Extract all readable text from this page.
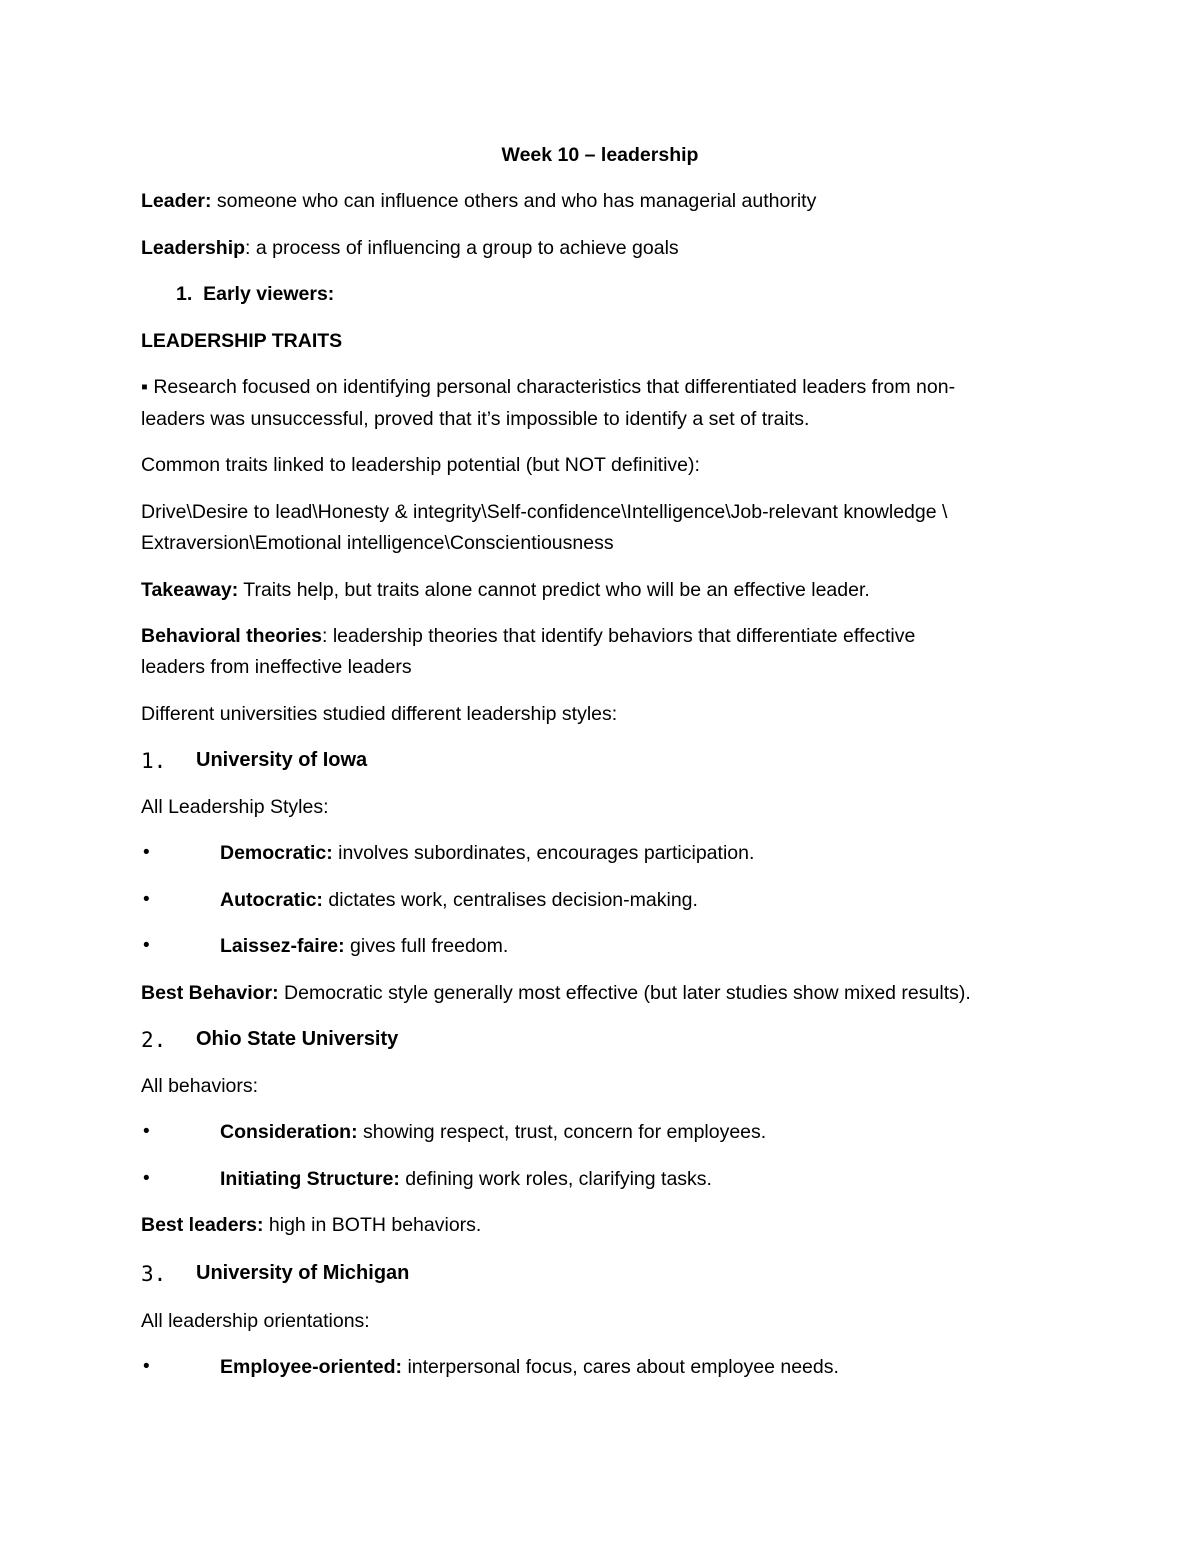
Week 10 – leadership
Leader: someone who can influence others and who has managerial authority
Leadership: a process of influencing a group to achieve goals
1. Early viewers:
LEADERSHIP TRAITS
▪ Research focused on identifying personal characteristics that differentiated leaders from non-
leaders was unsuccessful, proved that it’s impossible to identify a set of traits.
Common traits linked to leadership potential (but NOT definitive):
Drive\Desire to lead\Honesty & integrity\Self-confidence\Intelligence\Job-relevant knowledge \
Extraversion\Emotional intelligence\Conscientiousness
Takeaway: Traits help, but traits alone cannot predict who will be an effective leader.
Behavioral theories: leadership theories that identify behaviors that differentiate effective
leaders from ineffective leaders
Different universities studied different leadership styles:
1. University of Iowa
All Leadership Styles:
•	Democratic: involves subordinates, encourages participation.
•	Autocratic: dictates work, centralises decision-making.
•	Laissez-faire: gives full freedom.
Best Behavior: Democratic style generally most effective (but later studies show mixed results).
2. Ohio State University
All behaviors:
•	Consideration: showing respect, trust, concern for employees.
•	Initiating Structure: defining work roles, clarifying tasks.
Best leaders: high in BOTH behaviors.
3. University of Michigan
All leadership orientations:
•	Employee-oriented: interpersonal focus, cares about employee needs.
